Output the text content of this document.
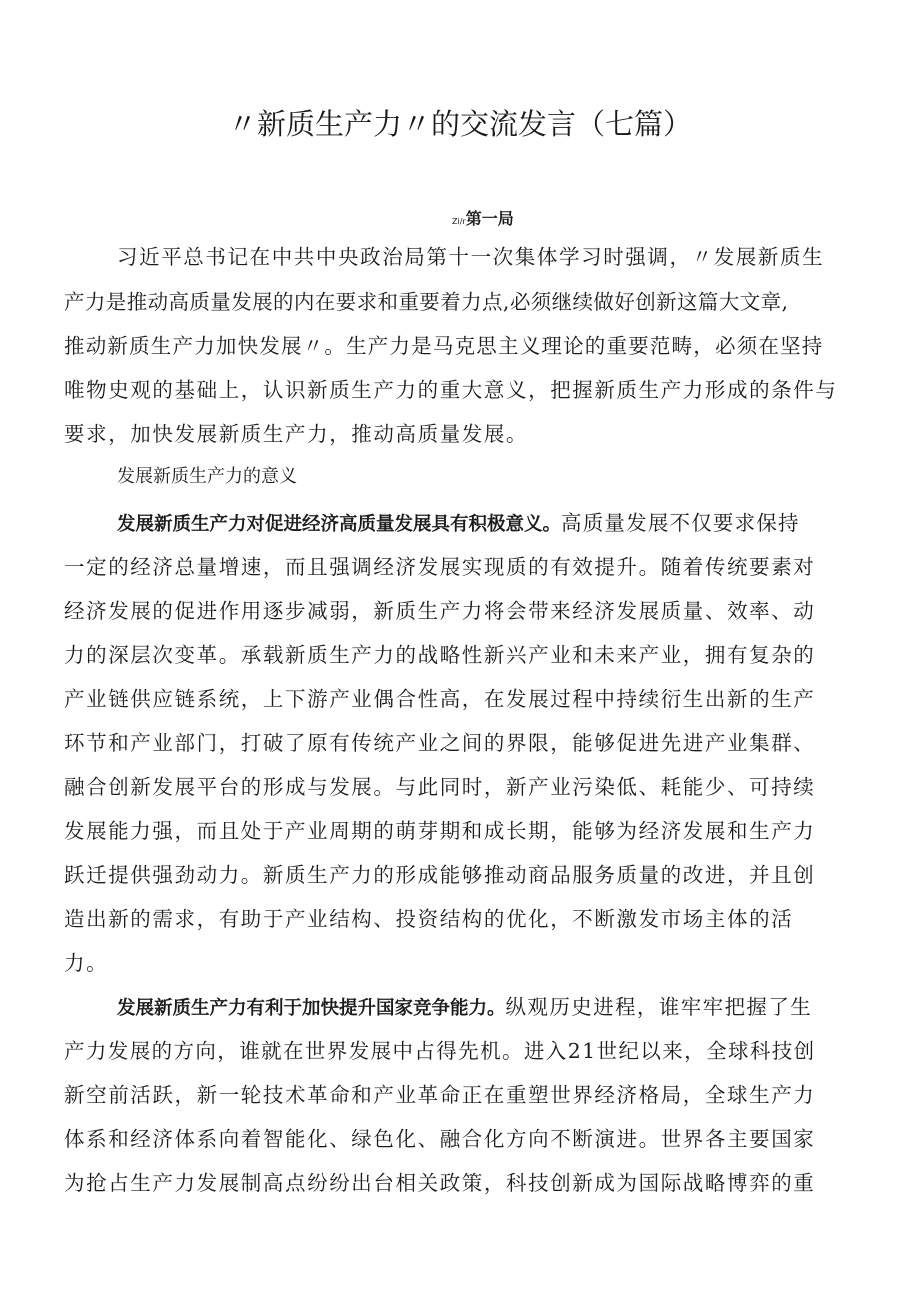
〃新质生产力〃的交流发言（七篇）
Zi/r第一局
习近平总书记在中共中央政治局第十一次集体学习时强调，〃发展新质生
产力是推动高质量发展的内在要求和重要着力点,必须继续做好创新这篇大文章,
推动新质生产力加快发展〃。生产力是马克思主义理论的重要范畴，必须在坚持
唯物史观的基础上，认识新质生产力的重大意义，把握新质生产力形成的条件与
要求，加快发展新质生产力，推动高质量发展。
发展新质生产力的意义
发展新质生产力对促进经济高质量发展具有积极意义。高质量发展不仅要求保持
一定的经济总量增速，而且强调经济发展实现质的有效提升。随着传统要素对
经济发展的促进作用逐步减弱，新质生产力将会带来经济发展质量、效率、动
力的深层次变革。承载新质生产力的战略性新兴产业和未来产业，拥有复杂的
产业链供应链系统，上下游产业偶合性高，在发展过程中持续衍生出新的生产
环节和产业部门，打破了原有传统产业之间的界限，能够促进先进产业集群、
融合创新发展平台的形成与发展。与此同时，新产业污染低、耗能少、可持续
发展能力强，而且处于产业周期的萌芽期和成长期，能够为经济发展和生产力
跃迁提供强劲动力。新质生产力的形成能够推动商品服务质量的改进，并且创
造出新的需求，有助于产业结构、投资结构的优化，不断激发市场主体的活
力。
发展新质生产力有利于加快提升国家竞争能力。纵观历史进程，谁牢牢把握了生
产力发展的方向，谁就在世界发展中占得先机。进入21世纪以来，全球科技创
新空前活跃，新一轮技术革命和产业革命正在重塑世界经济格局，全球生产力
体系和经济体系向着智能化、绿色化、融合化方向不断演进。世界各主要国家
为抢占生产力发展制高点纷纷出台相关政策，科技创新成为国际战略博弈的重
